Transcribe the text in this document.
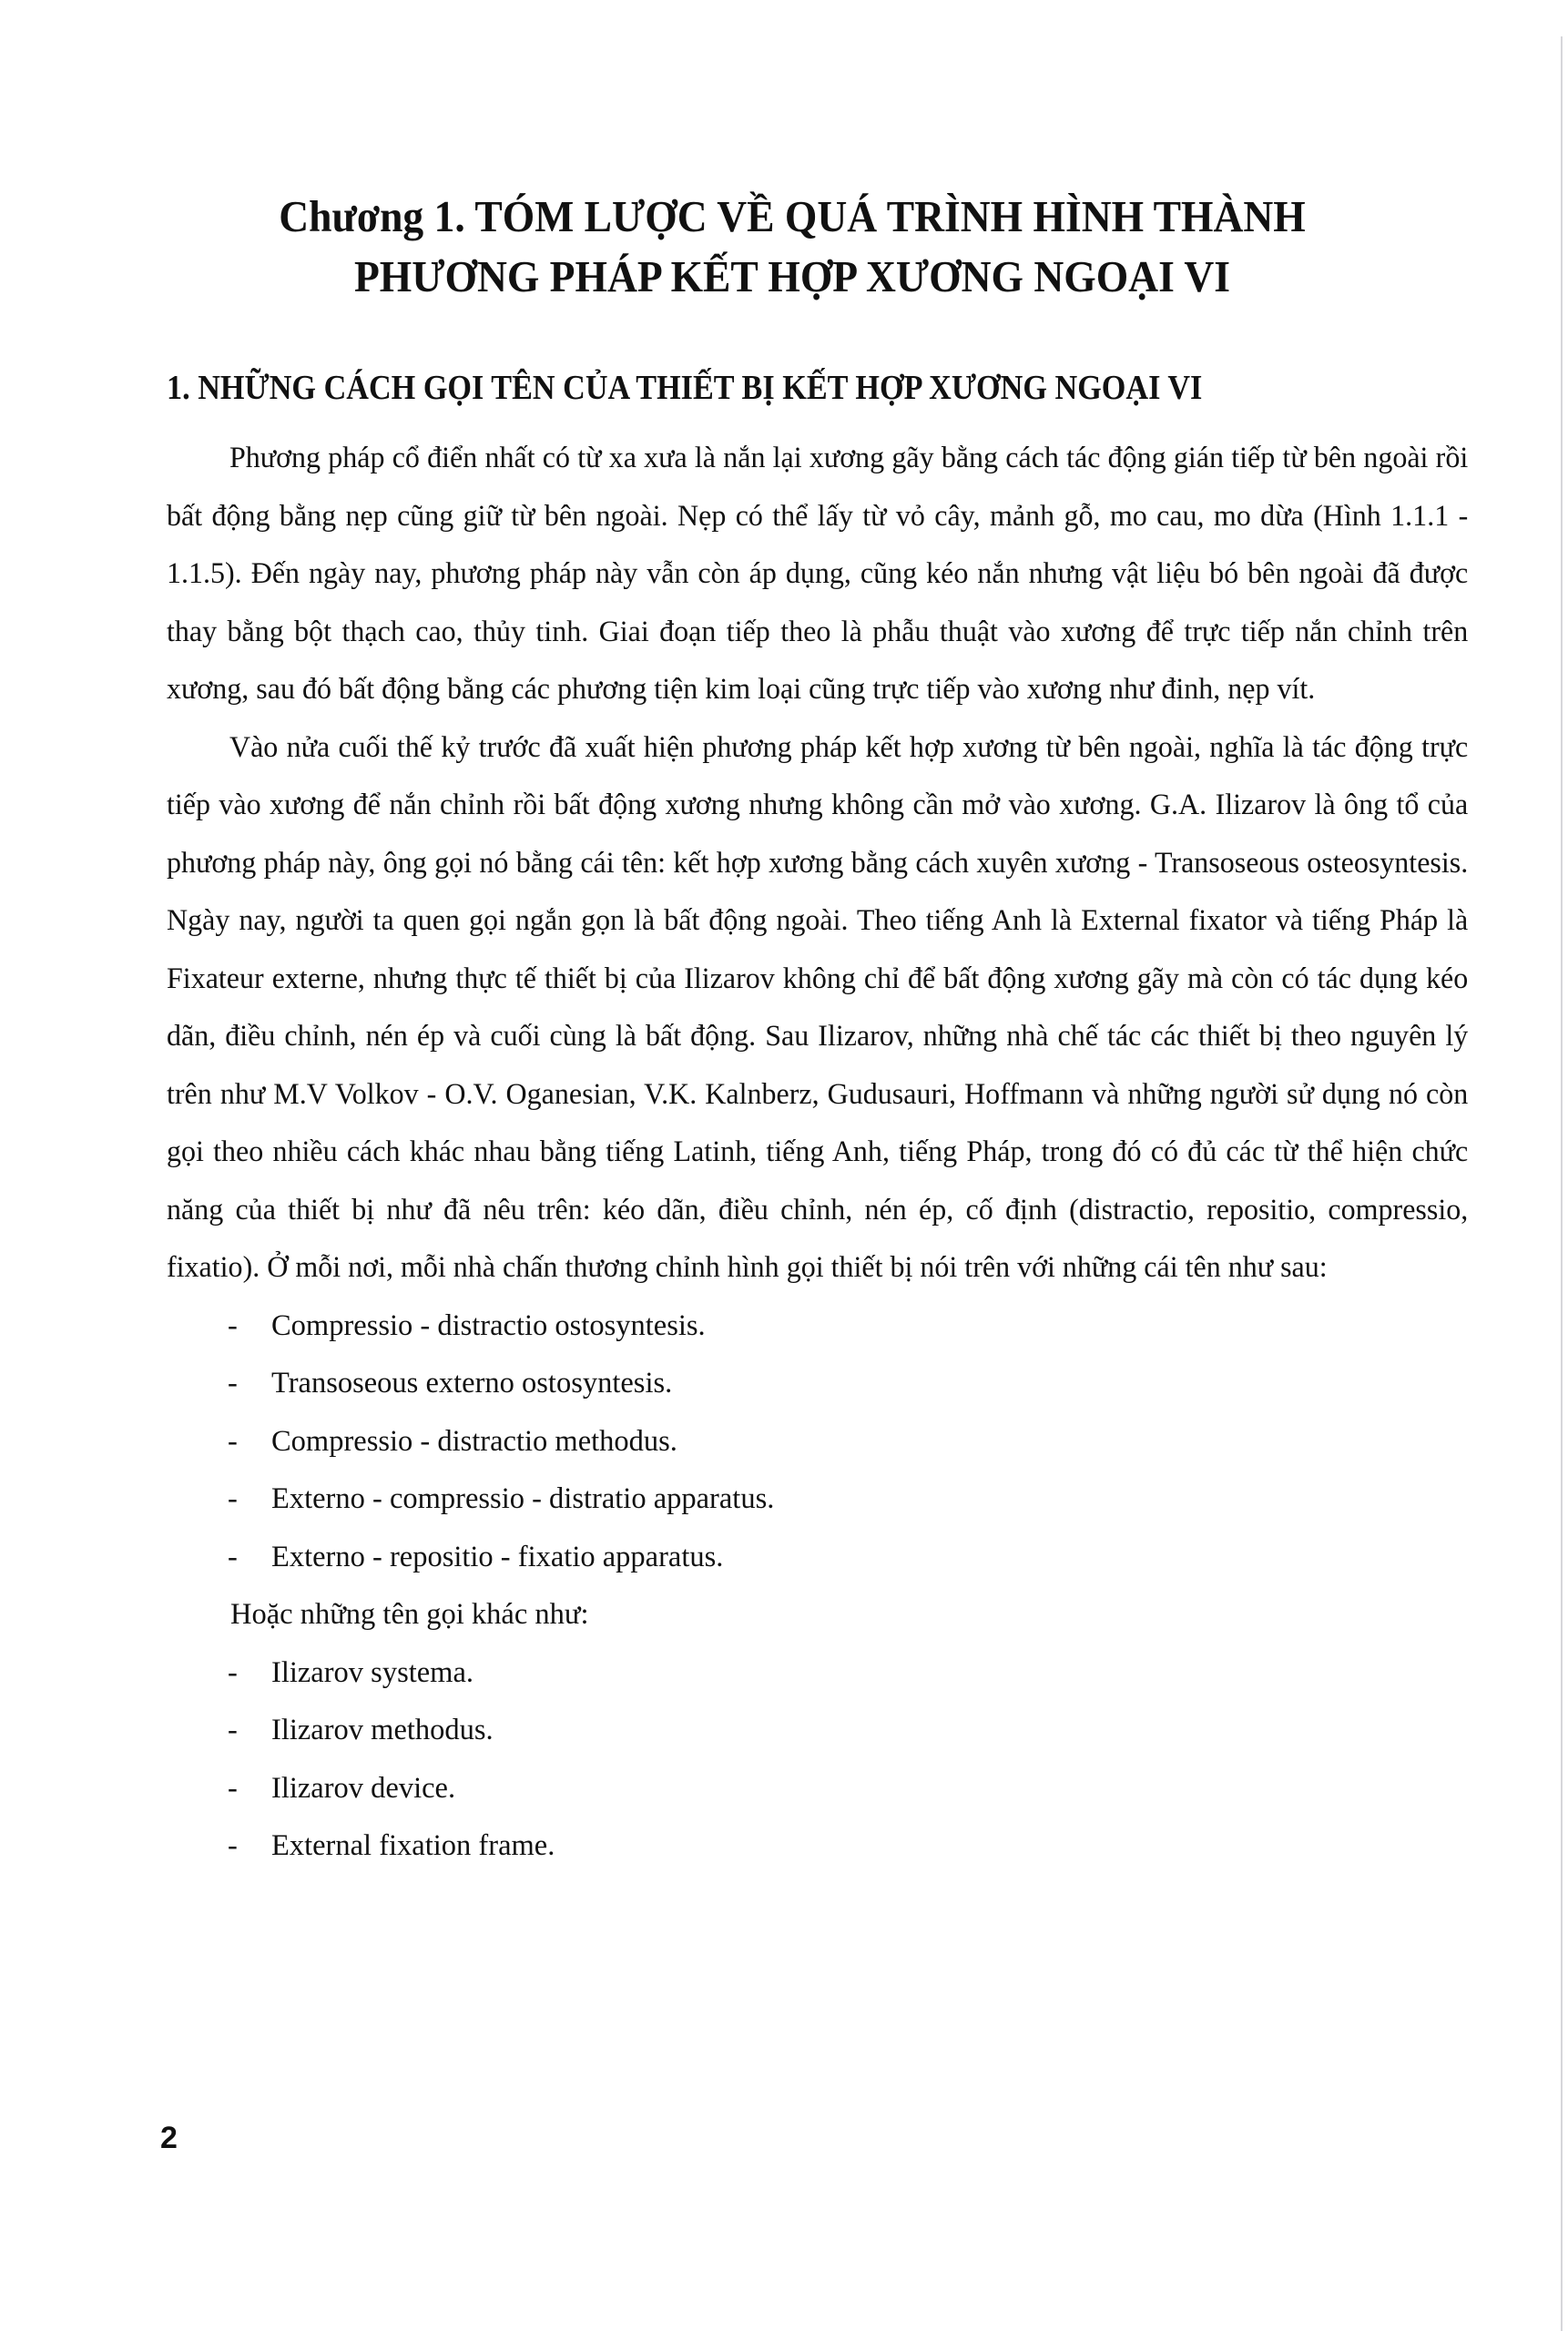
Chương 1. TÓM LƯỢC VỀ QUÁ TRÌNH HÌNH THÀNH
PHƯƠNG PHÁP KẾT HỢP XƯƠNG NGOẠI VI
1. NHỮNG CÁCH GỌI TÊN CỦA THIẾT BỊ KẾT HỢP XƯƠNG NGOẠI VI

Phương pháp cổ điển nhất có từ xa xưa là nắn lại xương gãy bằng cách tác động gián tiếp từ bên ngoài rồi bất động bằng nẹp cũng giữ từ bên ngoài. Nẹp có thể lấy từ vỏ cây, mảnh gỗ, mo cau, mo dừa (Hình 1.1.1 - 1.1.5). Đến ngày nay, phương pháp này vẫn còn áp dụng, cũng kéo nắn nhưng vật liệu bó bên ngoài đã được thay bằng bột thạch cao, thủy tinh. Giai đoạn tiếp theo là phẫu thuật vào xương để trực tiếp nắn chỉnh trên xương, sau đó bất động bằng các phương tiện kim loại cũng trực tiếp vào xương như đinh, nẹp vít.

Vào nửa cuối thế kỷ trước đã xuất hiện phương pháp kết hợp xương từ bên ngoài, nghĩa là tác động trực tiếp vào xương để nắn chỉnh rồi bất động xương nhưng không cần mở vào xương. G.A. Ilizarov là ông tổ của phương pháp này, ông gọi nó bằng cái tên: kết hợp xương bằng cách xuyên xương - Transoseous osteosyntesis. Ngày nay, người ta quen gọi ngắn gọn là bất động ngoài. Theo tiếng Anh là External fixator và tiếng Pháp là Fixateur externe, nhưng thực tế thiết bị của Ilizarov không chỉ để bất động xương gãy mà còn có tác dụng kéo dãn, điều chỉnh, nén ép và cuối cùng là bất động. Sau Ilizarov, những nhà chế tác các thiết bị theo nguyên lý trên như M.V Volkov - O.V. Oganesian, V.K. Kalnberz, Gudusauri, Hoffmann và những người sử dụng nó còn gọi theo nhiều cách khác nhau bằng tiếng Latinh, tiếng Anh, tiếng Pháp, trong đó có đủ các từ thể hiện chức năng của thiết bị như đã nêu trên: kéo dãn, điều chỉnh, nén ép, cố định (distractio, repositio, compressio, fixatio). Ở mỗi nơi, mỗi nhà chấn thương chỉnh hình gọi thiết bị nói trên với những cái tên như sau:

- Compressio - distractio ostosyntesis.
- Transoseous externo ostosyntesis.
- Compressio - distractio methodus.
- Externo - compressio - distratio apparatus.
- Externo - repositio - fixatio apparatus.

Hoặc những tên gọi khác như:

- Ilizarov systema.
- Ilizarov methodus.
- Ilizarov device.
- External fixation frame.
2
